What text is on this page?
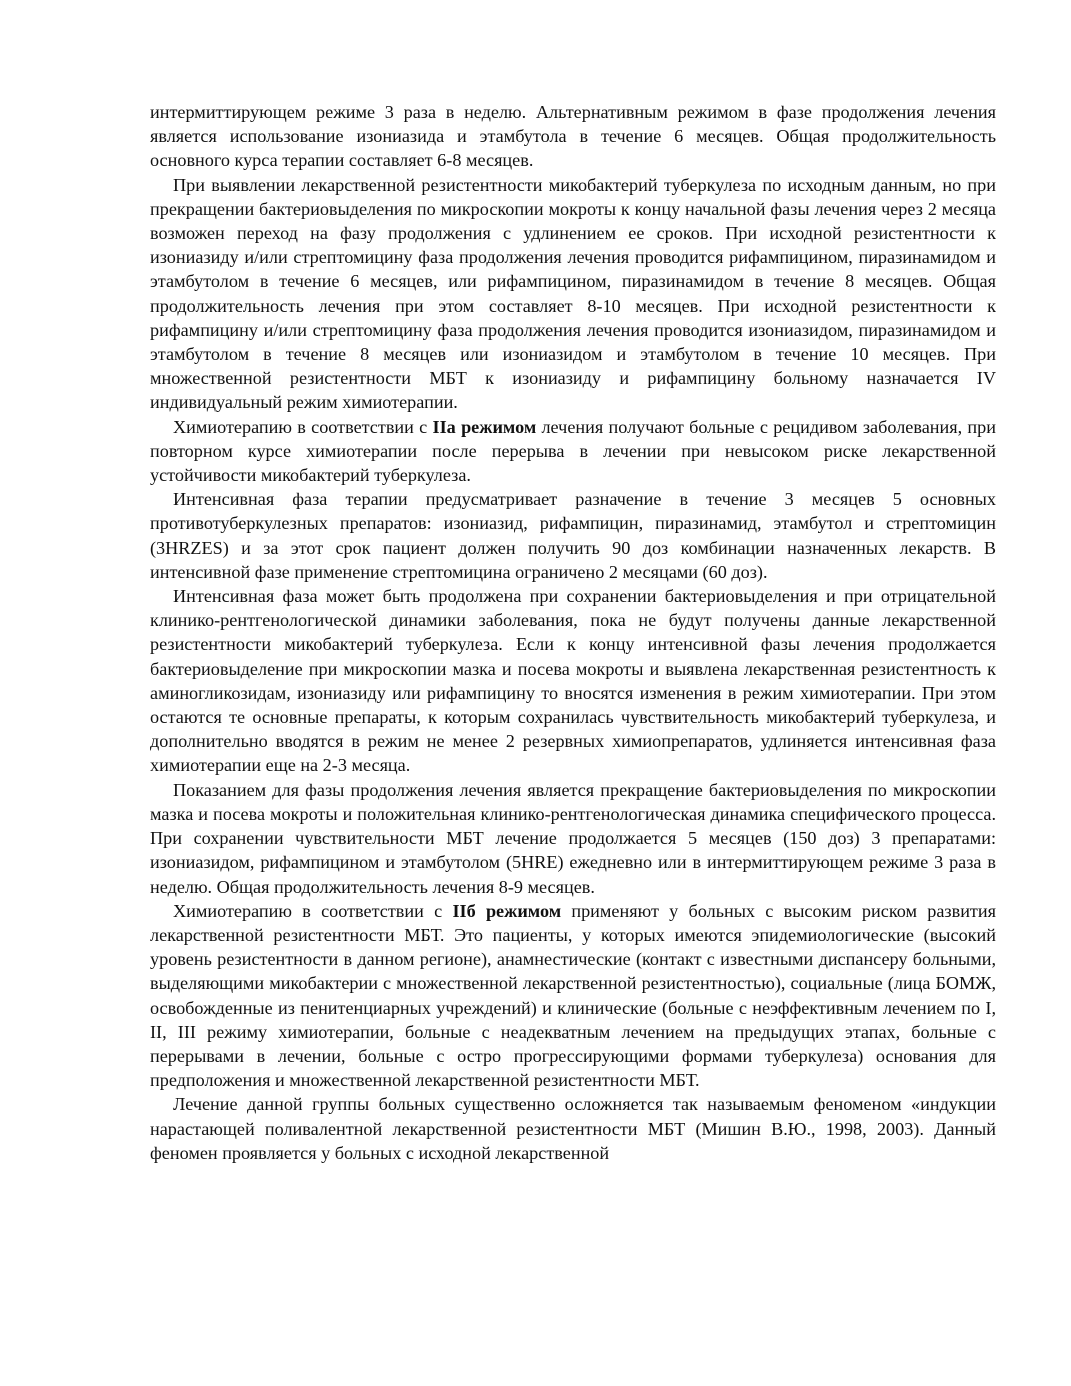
интермиттирующем режиме 3 раза в неделю. Альтернативным режимом в фазе продолжения лечения является использование изониазида и этамбутола в течение 6 месяцев. Общая продолжительность основного курса терапии составляет 6-8 месяцев.

При выявлении лекарственной резистентности микобактерий туберкулеза по исходным данным, но при прекращении бактериовыделения по микроскопии мокроты к концу начальной фазы лечения через 2 месяца возможен переход на фазу продолжения с удлинением ее сроков. При исходной резистентности к изониазиду и/или стрептомицину фаза продолжения лечения проводится рифампицином, пиразинамидом и этамбутолом в течение 6 месяцев, или рифампицином, пиразинамидом в течение 8 месяцев. Общая продолжительность лечения при этом составляет 8-10 месяцев. При исходной резистентности к рифампицину и/или стрептомицину фаза продолжения лечения проводится изониазидом, пиразинамидом и этамбутолом в течение 8 месяцев или изониазидом и этамбутолом в течение 10 месяцев. При множественной резистентности МБТ к изониазиду и рифампицину больному назначается IV индивидуальный режим химиотерапии.

Химиотерапию в соответствии с IIa режимом лечения получают больные с рецидивом заболевания, при повторном курсе химиотерапии после перерыва в лечении при невысоком риске лекарственной устойчивости микобактерий туберкулеза.

Интенсивная фаза терапии предусматривает разначение в течение 3 месяцев 5 основных противотуберкулезных препаратов: изониазид, рифампицин, пиразинамид, этамбутол и стрептомицин (3HRZES) и за этот срок пациент должен получить 90 доз комбинации назначенных лекарств. В интенсивной фазе применение стрептомицина ограничено 2 месяцами (60 доз).

Интенсивная фаза может быть продолжена при сохранении бактериовыделения и при отрицательной клинико-рентгенологической динамики заболевания, пока не будут получены данные лекарственной резистентности микобактерий туберкулеза. Если к концу интенсивной фазы лечения продолжается бактериовыделение при микроскопии мазка и посева мокроты и выявлена лекарственная резистентность к аминогликозидам, изониазиду или рифампицину то вносятся изменения в режим химиотерапии. При этом остаются те основные препараты, к которым сохранилась чувствительность микобактерий туберкулеза, и дополнительно вводятся в режим не менее 2 резервных химиопрепаратов, удлиняется интенсивная фаза химиотерапии еще на 2-3 месяца.

Показанием для фазы продолжения лечения является прекращение бактериовыделения по микроскопии мазка и посева мокроты и положительная клинико-рентгенологическая динамика специфического процесса. При сохранении чувствительности МБТ лечение продолжается 5 месяцев (150 доз) 3 препаратами: изониазидом, рифампицином и этамбутолом (5HRE) ежедневно или в интермиттирующем режиме 3 раза в неделю. Общая продолжительность лечения 8-9 месяцев.

Химиотерапию в соответствии с IIб режимом применяют у больных с высоким риском развития лекарственной резистентности МБТ. Это пациенты, у которых имеются эпидемиологические (высокий уровень резистентности в данном регионе), анамнестические (контакт с известными диспансеру больными, выделяющими микобактерии с множественной лекарственной резистентностью), социальные (лица БОМЖ, освобожденные из пенитенциарных учреждений) и клинические (больные с неэффективным лечением по I, II, III режиму химиотерапии, больные с неадекватным лечением на предыдущих этапах, больные с перерывами в лечении, больные с остро прогрессирующими формами туберкулеза) основания для предположения и множественной лекарственной резистентности МБТ.

Лечение данной группы больных существенно осложняется так называемым феноменом «индукции нарастающей поливалентной лекарственной резистентности МБТ (Мишин В.Ю., 1998, 2003). Данный феномен проявляется у больных с исходной лекарственной
